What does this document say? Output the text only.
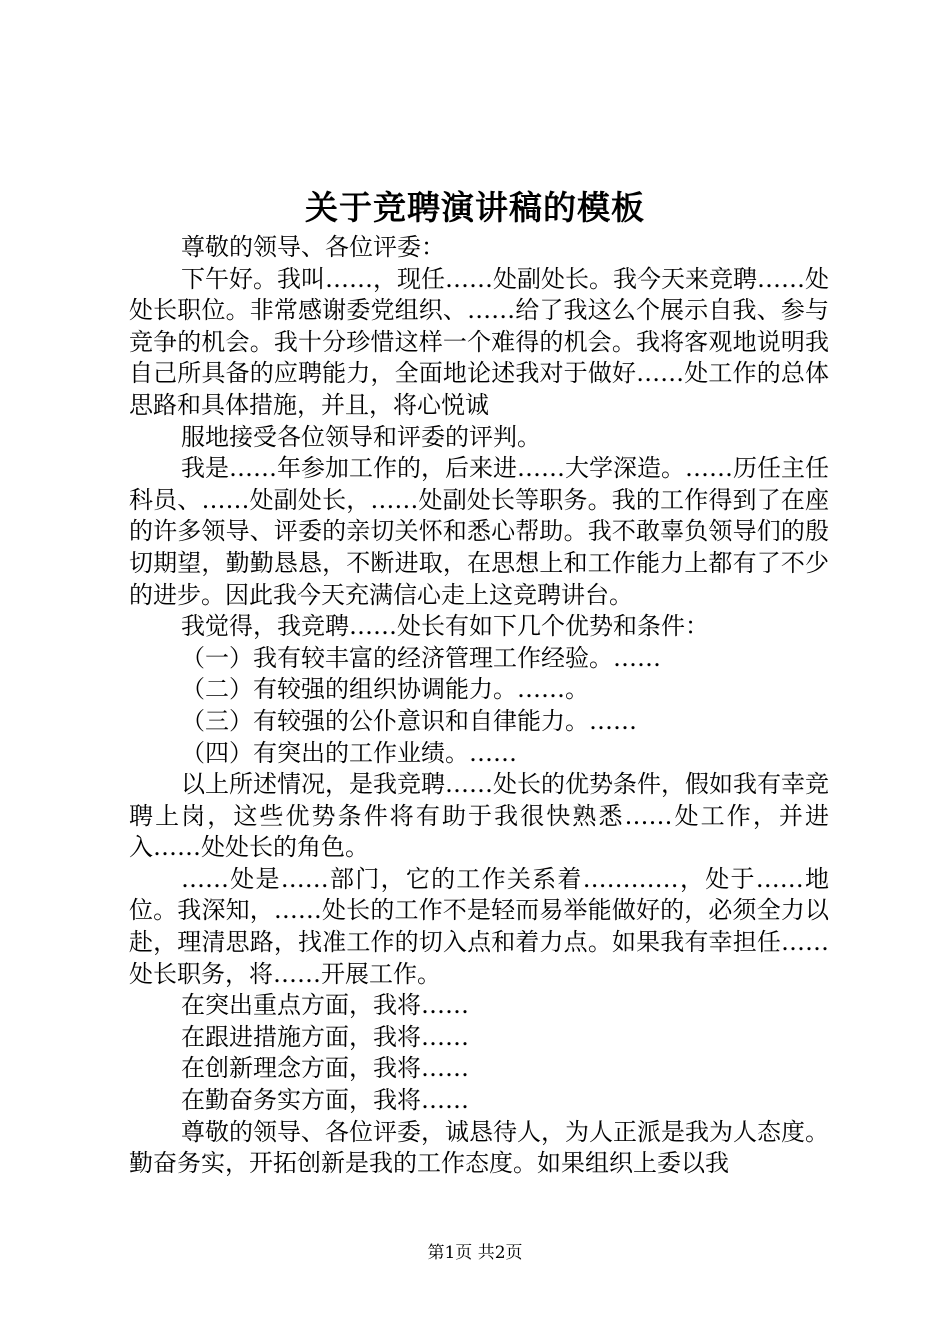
关于竞聘演讲稿的模板

尊敬的领导、各位评委：

下午好。我叫……，现任……处副处长。我今天来竞聘……处处长职位。非常感谢委党组织、……给了我这么个展示自我、参与竞争的机会。我十分珍惜这样一个难得的机会。我将客观地说明我自己所具备的应聘能力，全面地论述我对于做好……处工作的总体思路和具体措施，并且，将心悦诚

服地接受各位领导和评委的评判。

我是……年参加工作的，后来进……大学深造。……历任主任科员、……处副处长，……处副处长等职务。我的工作得到了在座的许多领导、评委的亲切关怀和悉心帮助。我不敢辜负领导们的殷切期望，勤勤恳恳，不断进取，在思想上和工作能力上都有了不少的进步。因此我今天充满信心走上这竞聘讲台。

我觉得，我竞聘……处长有如下几个优势和条件：

（一）我有较丰富的经济管理工作经验。……

（二）有较强的组织协调能力。……。

（三）有较强的公仆意识和自律能力。……

（四）有突出的工作业绩。……

以上所述情况，是我竞聘……处长的优势条件，假如我有幸竞聘上岗，这些优势条件将有助于我很快熟悉……处工作，并进入……处处长的角色。

……处是……部门，它的工作关系着…………，处于……地位。我深知，……处长的工作不是轻而易举能做好的，必须全力以赴，理清思路，找准工作的切入点和着力点。如果我有幸担任……处长职务，将……开展工作。

在突出重点方面，我将……

在跟进措施方面，我将……

在创新理念方面，我将……

在勤奋务实方面，我将……

尊敬的领导、各位评委，诚恳待人，为人正派是我为人态度。勤奋务实，开拓创新是我的工作态度。如果组织上委以我

第1页 共2页
